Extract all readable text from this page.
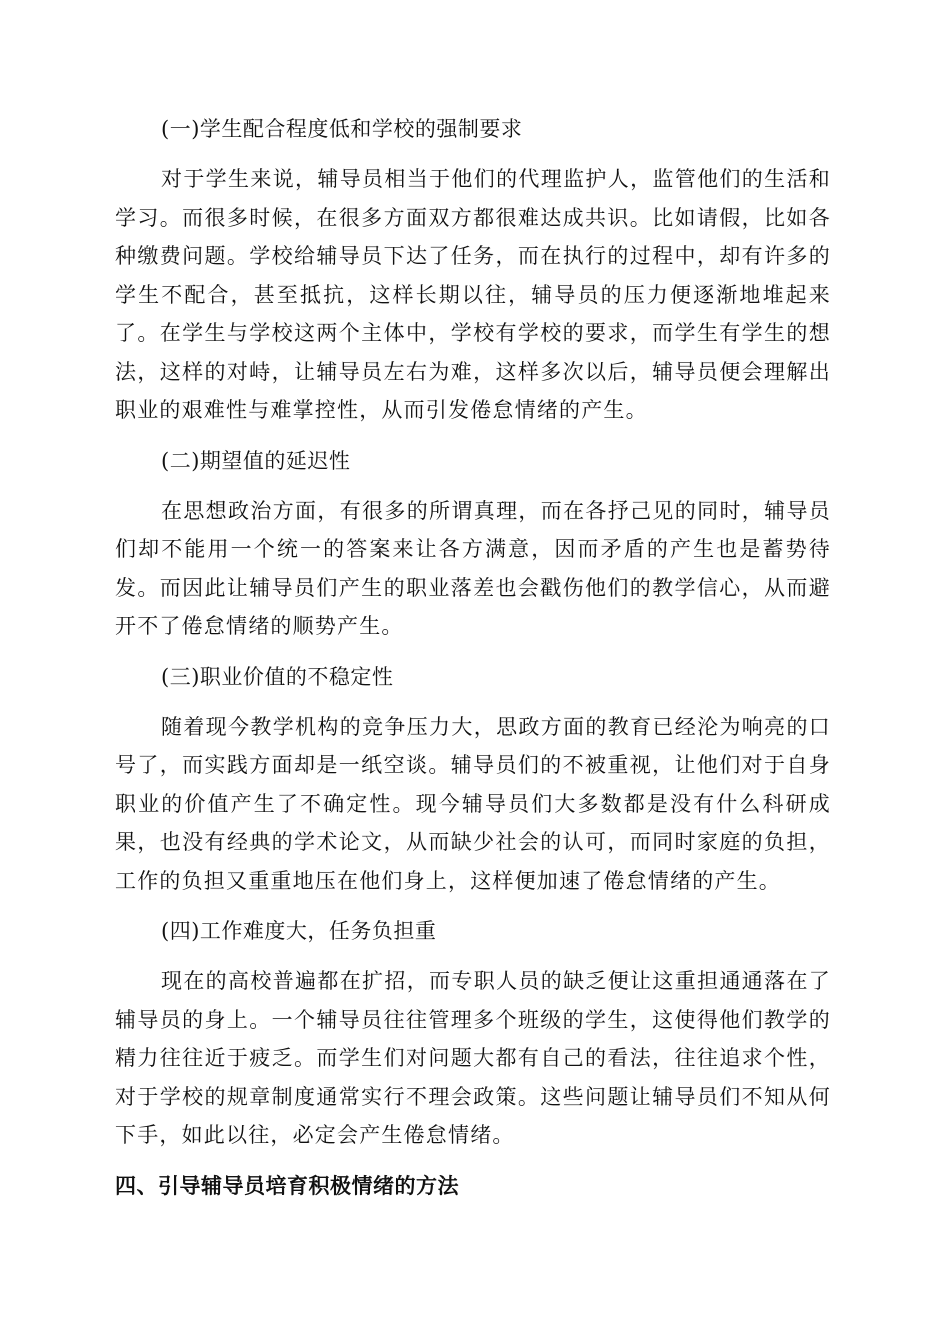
(一)学生配合程度低和学校的强制要求

对于学生来说，辅导员相当于他们的代理监护人，监管他们的生活和学习。而很多时候，在很多方面双方都很难达成共识。比如请假，比如各种缴费问题。学校给辅导员下达了任务，而在执行的过程中，却有许多的学生不配合，甚至抵抗，这样长期以往，辅导员的压力便逐渐地堆起来了。在学生与学校这两个主体中，学校有学校的要求，而学生有学生的想法，这样的对峙，让辅导员左右为难，这样多次以后，辅导员便会理解出职业的艰难性与难掌控性，从而引发倦怠情绪的产生。

(二)期望值的延迟性

在思想政治方面，有很多的所谓真理，而在各抒己见的同时，辅导员们却不能用一个统一的答案来让各方满意，因而矛盾的产生也是蓄势待发。而因此让辅导员们产生的职业落差也会戳伤他们的教学信心，从而避开不了倦怠情绪的顺势产生。

(三)职业价值的不稳定性

随着现今教学机构的竞争压力大，思政方面的教育已经沦为响亮的口号了，而实践方面却是一纸空谈。辅导员们的不被重视，让他们对于自身职业的价值产生了不确定性。现今辅导员们大多数都是没有什么科研成果，也没有经典的学术论文，从而缺少社会的认可，而同时家庭的负担，工作的负担又重重地压在他们身上，这样便加速了倦怠情绪的产生。

(四)工作难度大，任务负担重

现在的高校普遍都在扩招，而专职人员的缺乏便让这重担通通落在了辅导员的身上。一个辅导员往往管理多个班级的学生，这使得他们教学的精力往往近于疲乏。而学生们对问题大都有自己的看法，往往追求个性，对于学校的规章制度通常实行不理会政策。这些问题让辅导员们不知从何下手，如此以往，必定会产生倦怠情绪。

四、引导辅导员培育积极情绪的方法
